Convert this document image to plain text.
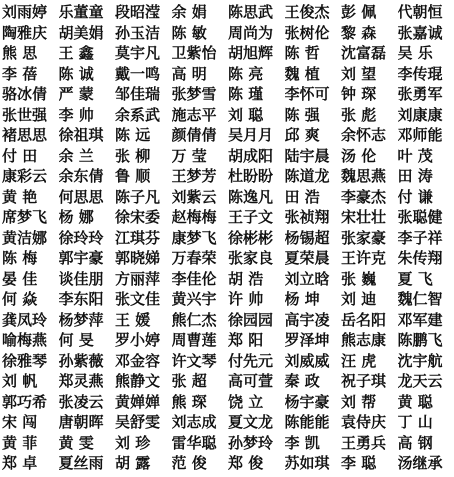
刘雨婷 乐董童 段昭滢 余 娟	陈思武 王俊杰 彭 佩	代朝恒
陶雅庆 胡美娟 孙玉洁 陈 敏	周尚为 张树伦 黎 森	张嘉诚
熊 思	王 鑫	莫宇凡 卫紫怡 胡旭辉 陈 哲	沈富磊 吴 乐
李 蓓	陈 诚	戴一鸣 高 明	陈 亮	魏 植	刘 望	李传琨
骆冰倩 严 蒙	邹佳瑞 张梦雪 陈 瑾	李怀可 钟 琛	张勇军
张世强 李 帅	余系武 施志平 刘 聪	陈 强	张 彪	刘康康
褚思思 徐祖琪 陈 远	颜倩倩 吴月月 邱 爽	余怀志 邓师能
付 田	余 兰	张 柳	万 莹	胡成阳 陆宇晨 汤 伦	叶 茂
康彩云 余东倩 鲁 顺	王梦芳 杜盼盼 陈道龙 魏思燕 田 涛
黄 艳	何思思 陈子凡 刘紫云 陈逸凡 田 浩	李豪杰 付 谦
席梦飞 杨 娜	徐宋委 赵梅梅 王子文 张祯翔 宋壮壮 张聪健
黄洁娜 徐玲玲 江琪芬 康梦飞 徐彬彬 杨锡超 张家豪 李子祥
陈 梅	郭宇豪 郭晓娣 万春荣 张家良 夏荣晨 王许克 朱传翔
晏 佳	谈佳朋 方丽萍 李佳伦 胡 浩	刘立晗 张 巍	夏 飞
何 焱	李东阳 张文佳 黄兴宇 许 帅	杨 坤	刘 迪	魏仁智
龚凤玲 杨梦萍 王 媛	熊仁杰 徐园园 高宇凌 岳名阳 邓军建
喻梅燕 何 旻	罗小婷 周曹莲 郑 阳	罗泽坤 熊志康 陈鹏飞
徐雅琴 孙紫薇 邓金容 许文琴 付先元 刘威威 汪 虎	沈宇航
刘 帆	郑灵燕 熊静文 张 超	高可萱 秦 政	祝子琪 龙天云
郭巧希 张凌云 黄婵婵 熊 琛	饶 立	杨宇豪 刘 帮	黄 聪
宋 闯	唐朝晖 吴舒雯 刘志成 夏文龙 陈能能 袁侍庆 丁 山
黄 菲	黄 雯	刘 珍	雷华聪 孙梦玲 李 凯	王勇兵 高 钢
郑 卓	夏丝雨 胡 露	范 俊	郑 俊	苏如琪 李 聪	汤继承
